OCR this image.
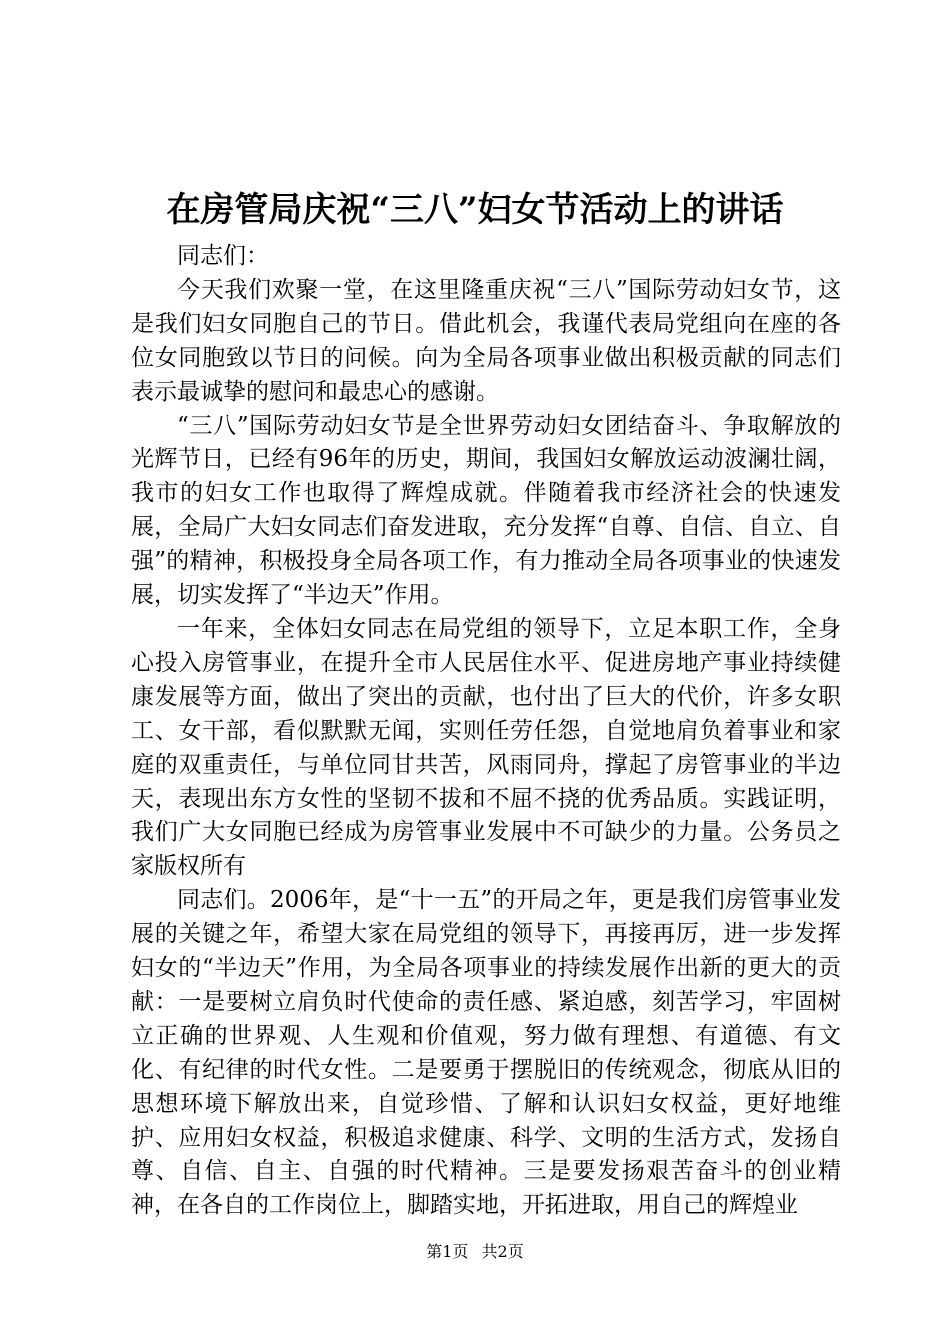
在房管局庆祝“三八”妇女节活动上的讲话

同志们：

今天我们欢聚一堂，在这里隆重庆祝“三八”国际劳动妇女节，这是我们妇女同胞自己的节日。借此机会，我谨代表局党组向在座的各位女同胞致以节日的问候。向为全局各项事业做出积极贡献的同志们表示最诚挚的慰问和最忠心的感谢。

“三八”国际劳动妇女节是全世界劳动妇女团结奋斗、争取解放的光辉节日，已经有96年的历史，期间，我国妇女解放运动波澜壮阔，我市的妇女工作也取得了辉煌成就。伴随着我市经济社会的快速发展，全局广大妇女同志们奋发进取，充分发挥“自尊、自信、自立、自强”的精神，积极投身全局各项工作，有力推动全局各项事业的快速发展，切实发挥了“半边天”作用。

一年来，全体妇女同志在局党组的领导下，立足本职工作，全身心投入房管事业，在提升全市人民居住水平、促进房地产事业持续健康发展等方面，做出了突出的贡献，也付出了巨大的代价，许多女职工、女干部，看似默默无闻，实则任劳任怨，自觉地肩负着事业和家庭的双重责任，与单位同甘共苦，风雨同舟，撑起了房管事业的半边天，表现出东方女性的坚韧不拔和不屈不挠的优秀品质。实践证明，我们广大女同胞已经成为房管事业发展中不可缺少的力量。公务员之家版权所有

同志们。2006年，是“十一五”的开局之年，更是我们房管事业发展的关键之年，希望大家在局党组的领导下，再接再厉，进一步发挥妇女的“半边天”作用，为全局各项事业的持续发展作出新的更大的贡献：一是要树立肩负时代使命的责任感、紧迫感，刻苦学习，牢固树立正确的世界观、人生观和价值观，努力做有理想、有道德、有文化、有纪律的时代女性。二是要勇于摆脱旧的传统观念，彻底从旧的思想环境下解放出来，自觉珍惜、了解和认识妇女权益，更好地维护、应用妇女权益，积极追求健康、科学、文明的生活方式，发扬自尊、自信、自主、自强的时代精神。三是要发扬艰苦奋斗的创业精神，在各自的工作岗位上，脚踏实地，开拓进取，用自己的辉煌业

第1页 共2页
